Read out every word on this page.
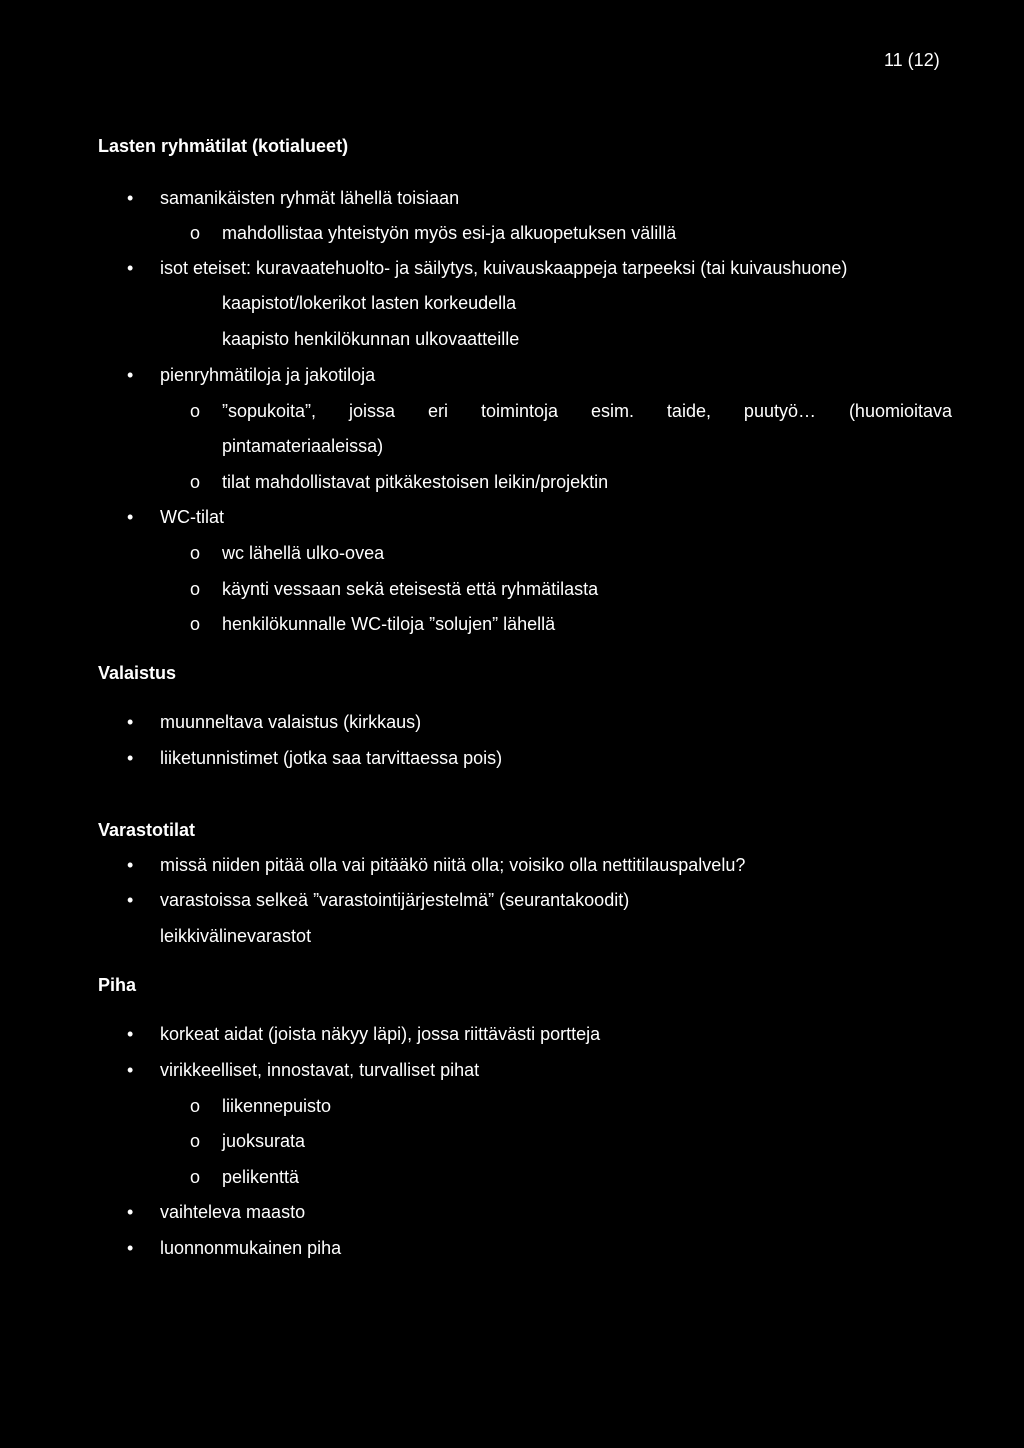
11 (12)
Lasten ryhmätilat (kotialueet)
•
samanikäisten ryhmät lähellä toisiaan
o
mahdollistaa yhteistyön myös esi-ja alkuopetuksen välillä
•
isot eteiset: kuravaatehuolto- ja säilytys, kuivauskaappeja tarpeeksi (tai kuivaushuone)
kaapistot/lokerikot lasten korkeudella
kaapisto henkilökunnan ulkovaatteille
•
pienryhmätiloja ja jakotiloja
o
”sopukoita”, joissa eri toimintoja esim. taide, puutyö… (huomioitava
pintamateriaaleissa)
o
tilat mahdollistavat pitkäkestoisen leikin/projektin
•
WC-tilat
o
wc lähellä ulko-ovea
o
käynti vessaan sekä eteisestä että ryhmätilasta
o
henkilökunnalle WC-tiloja ”solujen” lähellä
Valaistus
•
muunneltava valaistus (kirkkaus)
•
liiketunnistimet (jotka saa tarvittaessa pois)
Varastotilat
•
missä niiden pitää olla vai pitääkö niitä olla; voisiko olla nettitilauspalvelu?
•
varastoissa selkeä ”varastointijärjestelmä” (seurantakoodit)
leikkivälinevarastot
Piha
•
korkeat aidat (joista näkyy läpi), jossa riittävästi portteja
•
virikkeelliset, innostavat, turvalliset pihat
o
liikennepuisto
o
juoksurata
o
pelikenttä
•
vaihteleva maasto
•
luonnonmukainen piha
